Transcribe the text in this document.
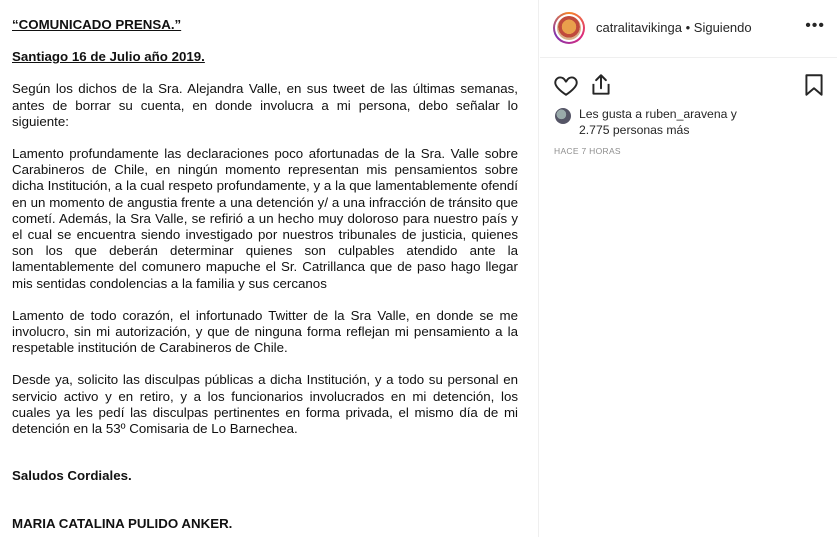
“COMUNICADO PRENSA.”
Santiago 16 de Julio año 2019.

Según los dichos de la Sra. Alejandra Valle, en sus tweet de las últimas semanas, antes de borrar su cuenta, en donde involucra a mi persona, debo señalar lo siguiente:

Lamento profundamente las declaraciones poco afortunadas de la Sra. Valle sobre Carabineros de Chile, en ningún momento representan mis pensamientos sobre dicha Institución, a la cual respeto profundamente, y a la que lamentablemente ofendí en un momento de angustia frente a una detención y/ a una infracción de tránsito que cometí. Además, la Sra Valle, se refirió a un hecho muy doloroso para nuestro país y el cual se encuentra siendo investigado por nuestros tribunales de justicia, quienes son los que deberán determinar quienes son culpables atendido ante la lamentablemente del comunero mapuche el Sr. Catrillanca que de paso hago llegar mis sentidas condolencias a la familia y sus cercanos

Lamento de todo corazón, el infortunado Twitter de la Sra Valle, en donde se me involucro, sin mi autorización, y que de ninguna forma reflejan mi pensamiento a la respetable institución de Carabineros de Chile.

Desde ya, solicito las disculpas públicas a dicha Institución, y a todo su personal en servicio activo y en retiro, y a los funcionarios involucrados en mi detención, los cuales ya les pedí las disculpas pertinentes en forma privada, el mismo día de mi detención en la 53º Comisaria de Lo Barnechea.

Saludos Cordiales.
MARIA CATALINA PULIDO ANKER.
catralitavikinga • Siguiendo	•••
Les gusta a ruben_aravena y
2.775 personas más
HACE 7 HORAS
